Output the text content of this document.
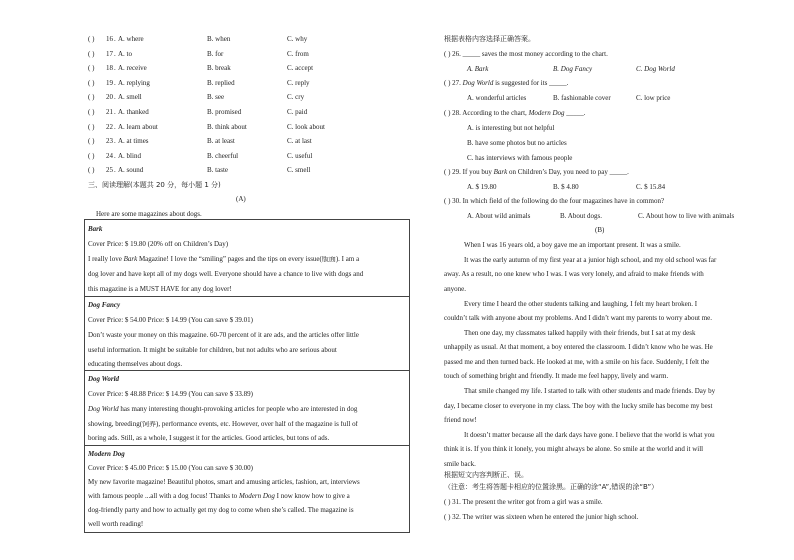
( ) 16 . A. where	B. when	C. why
( ) 17 . A. to	B. for	C. from
( ) 18 . A. receive	B. break	C. accept
( ) 19 . A. replying	B. replied	C. reply
( ) 20 . A. smell	B. see	C. cry
( ) 21 . A. thanked	B. promised	C. paid
( ) 22 . A. learn about	B. think about	C. look about
( ) 23 . A. at times	B. at least	C. at last
( ) 24 . A. blind	B. cheerful	C. useful
( ) 25 . A. sound	B. taste	C. smell
三、阅读理解(本题共 20 分，每小题 1 分)
(A)
Here are some magazines about dogs.
Bark
Cover Price: $ 19.80 (20% off on Children’s Day)
I really love Bark Magazine! I love the “smiling” pages and the tips on every issue(版面). I am a
dog lover and have kept all of my dogs well. Everyone should have a chance to live with dogs and
this magazine is a MUST HAVE for any dog lover!
Dog Fancy
Cover Price: $ 54.00 Price: $ 14.99 (You can save $ 39.01)
Don’t waste your money on this magazine. 60-70 percent of it are ads, and the articles offer little
useful information. It might be suitable for children, but not adults who are serious about
educating themselves about dogs.
Dog World
Cover Price: $ 48.88 Price: $ 14.99 (You can save $ 33.89)
Dog World has many interesting thought-provoking articles for people who are interested in dog
showing, breeding(饲养), performance events, etc. However, over half of the magazine is full of
boring ads. Still, as a whole, I suggest it for the articles. Good articles, but tons of ads.
Modern Dog
Cover Price: $ 45.00 Price: $ 15.00 (You can save $ 30.00)
My new favorite magazine! Beautiful photos, smart and amusing articles, fashion, art, interviews
with famous people ...all with a dog focus! Thanks to Modern Dog I now know how to give a
dog-friendly party and how to actually get my dog to come when she’s called. The magazine is
well worth reading!
根据表格内容选择正确答案。
( ) 26. _____ saves the most money according to the chart.
A. Bark	B. Dog Fancy	C. Dog World
( ) 27. Dog World is suggested for its _____.
A. wonderful articles	B. fashionable cover	C. low price
( ) 28. According to the chart, Modern Dog _____.
A. is interesting but not helpful
B. have some photos but no articles
C. has interviews with famous people
( ) 29. If you buy Bark on Children’s Day, you need to pay _____.
A. $ 19.80	B. $ 4.80	C. $ 15.84
( ) 30. In which field of the following do the four magazines have in common?
A. About wild animals	B. About dogs.	C. About how to live with animals
(B)
When I was 16 years old, a boy gave me an important present. It was a smile.
It was the early autumn of my first year at a junior high school, and my old school was far
away. As a result, no one knew who I was. I was very lonely, and afraid to make friends with
anyone.
Every time I heard the other students talking and laughing, I felt my heart broken. I
couldn’t talk with anyone about my problems. And I didn’t want my parents to worry about me.
Then one day, my classmates talked happily with their friends, but I sat at my desk
unhappily as usual. At that moment, a boy entered the classroom. I didn’t know who he was. He
passed me and then turned back. He looked at me, with a smile on his face. Suddenly, I felt the
touch of something bright and friendly. It made me feel happy, lively and warm.
That smile changed my life. I started to talk with other students and made friends. Day by
day, I became closer to everyone in my class. The boy with the lucky smile has become my best
friend now!
It doesn’t matter because all the dark days have gone. I believe that the world is what you
think it is. If you think it lonely, you might always be alone. So smile at the world and it will
smile back.
根据短文内容判断正、误。
（注意：考生将答题卡相应的位置涂黑。正确的涂“A”,错误的涂“B”）
( ) 31. The present the writer got from a girl was a smile.
( ) 32. The writer was sixteen when he entered the junior high school.
